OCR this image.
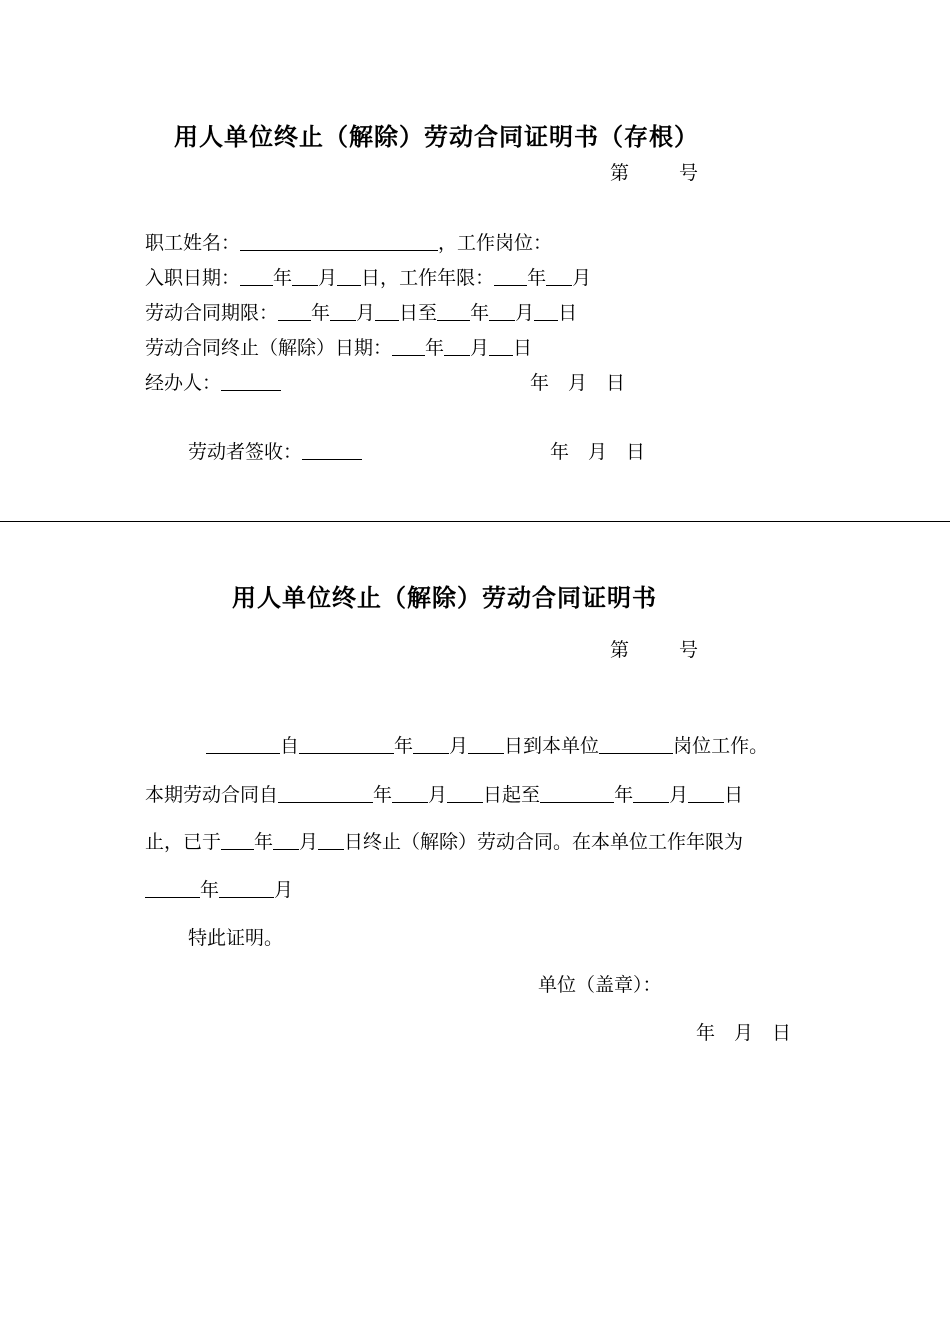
用人单位终止（解除）劳动合同证明书（存根）
第	号
职工姓名：	，工作岗位：
入职日期： 年 月 日，工作年限： 年 月
劳动合同期限： 年 月 日至 年 月 日
劳动合同终止（解除）日期： 年 月 日
经办人：	年　月　日
劳动者签收：	年　月　日
用人单位终止（解除）劳动合同证明书
第	号
自	年 月 日到本单位	岗位工作。
本期劳动合同自	年 月 日起至	年 月 日
止，已于 年 月 日终止（解除）劳动合同。在本单位工作年限为
年	月
特此证明。
单位（盖章）：
年　月　日
